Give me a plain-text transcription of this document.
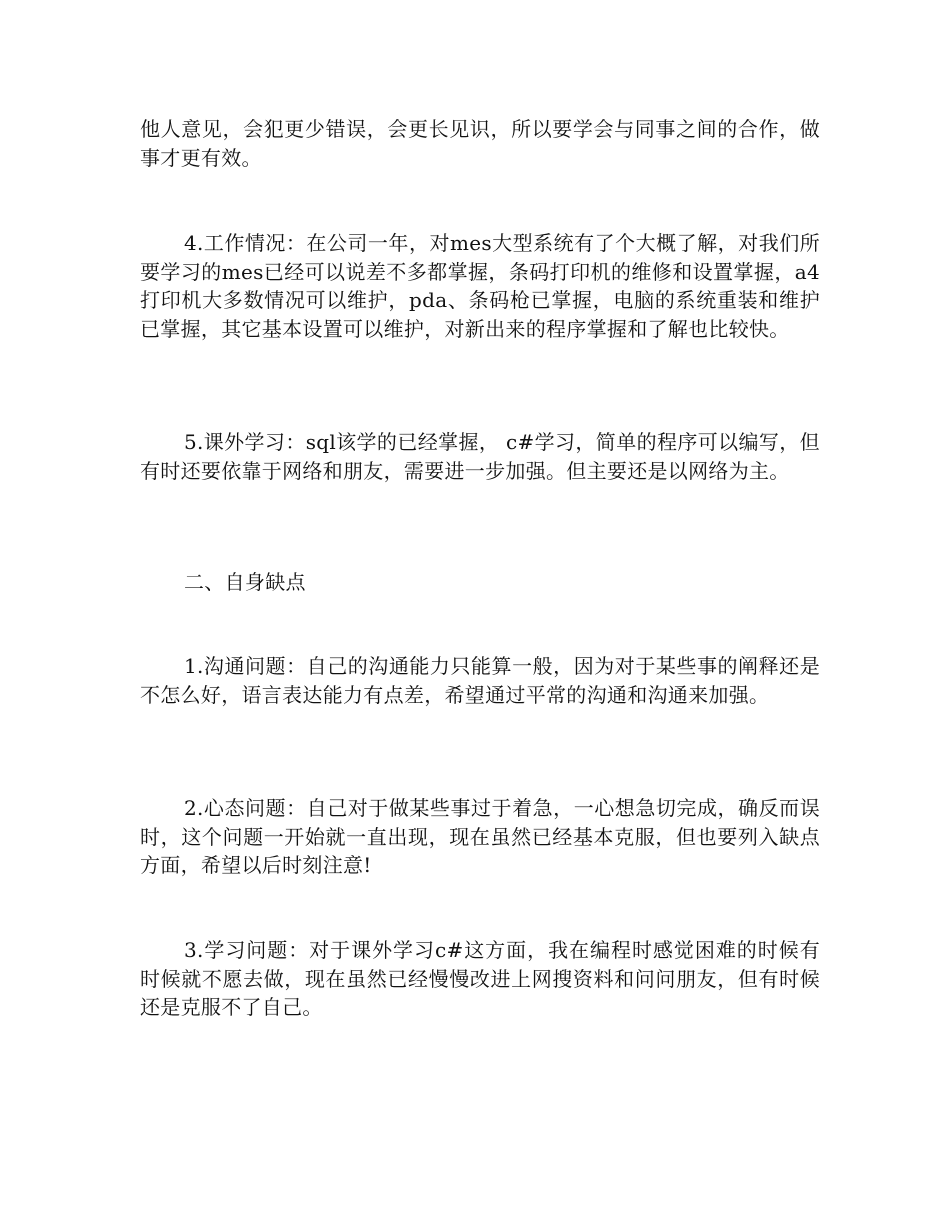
他人意见，会犯更少错误，会更长见识，所以要学会与同事之间的合作，做事才更有效。

4.工作情况：在公司一年，对mes大型系统有了个大概了解，对我们所要学习的mes已经可以说差不多都掌握，条码打印机的维修和设置掌握，a4打印机大多数情况可以维护，pda、条码枪已掌握，电脑的系统重装和维护已掌握，其它基本设置可以维护，对新出来的程序掌握和了解也比较快。

5.课外学习：sql该学的已经掌握， c#学习，简单的程序可以编写，但有时还要依靠于网络和朋友，需要进一步加强。但主要还是以网络为主。

二、自身缺点

1.沟通问题：自己的沟通能力只能算一般，因为对于某些事的阐释还是不怎么好，语言表达能力有点差，希望通过平常的沟通和沟通来加强。

2.心态问题：自己对于做某些事过于着急，一心想急切完成，确反而误时，这个问题一开始就一直出现，现在虽然已经基本克服，但也要列入缺点方面，希望以后时刻注意!

3.学习问题：对于课外学习c#这方面，我在编程时感觉困难的时候有时候就不愿去做，现在虽然已经慢慢改进上网搜资料和问问朋友，但有时候还是克服不了自己。
